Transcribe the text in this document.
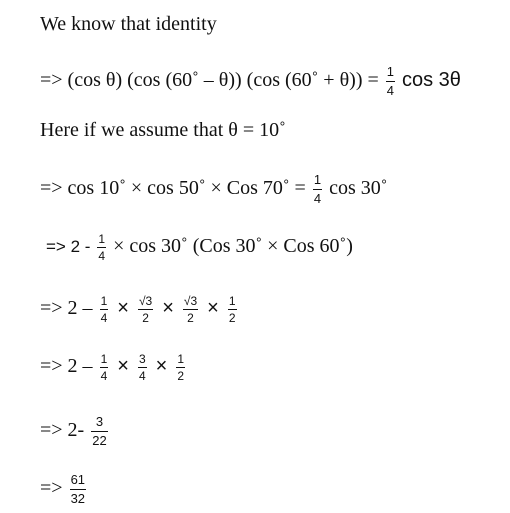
We know that identity
=> (cos θ) (cos (60˚ – θ)) (cos (60˚ + $\theta)) = \frac{1}{4}$ cos 3θ
Here if we assume that θ = 10˚
=> cos 10˚ × cos 50˚ × Cos 70˚ = $\frac{1}{4}$ cos 30˚
=> $2 - \frac{1}{4} \times \cos$ 30˚ (Cos 30˚ × Cos 60˚)
=> $2 - \frac{1}{4} \times \frac{√3}{2} \times \frac{√3}{2} \times \frac{1}{2}$
=> $2 - \frac{1}{4} \times \frac{3}{4} \times \frac{1}{2}$
=> $2- \frac{3}{22}$
=> $\frac{61}{32}$
